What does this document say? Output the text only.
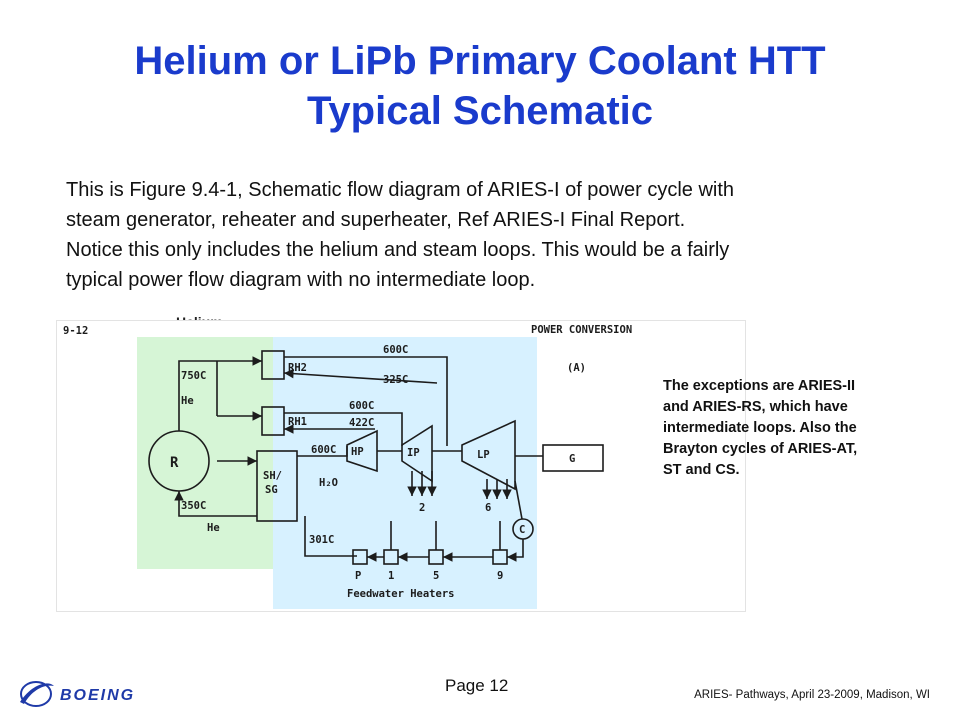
Helium or LiPb Primary Coolant HTT
Typical Schematic
This is Figure 9.4-1, Schematic flow diagram of ARIES-I of power cycle with
steam generator, reheater and superheater, Ref ARIES-I Final Report.
Notice this only includes the helium and steam loops. This would be a fairly
typical power flow diagram with no intermediate loop.
9-12	POWER CONVERSION
(A)
R
RH2
RH1
SH/
SG
H₂O
HP	IP	LP	G
C
P	1	5	9
2	6
Feedwater Heaters
750C
He
350C
He
600C
325C
600C
422C
600C
301C
The exceptions are ARIES-II
and ARIES-RS, which have
intermediate loops. Also the
Brayton cycles of ARIES-AT,
ST and CS.
BOEING
Page 12	ARIES- Pathways, April 23-2009, Madison, WI
